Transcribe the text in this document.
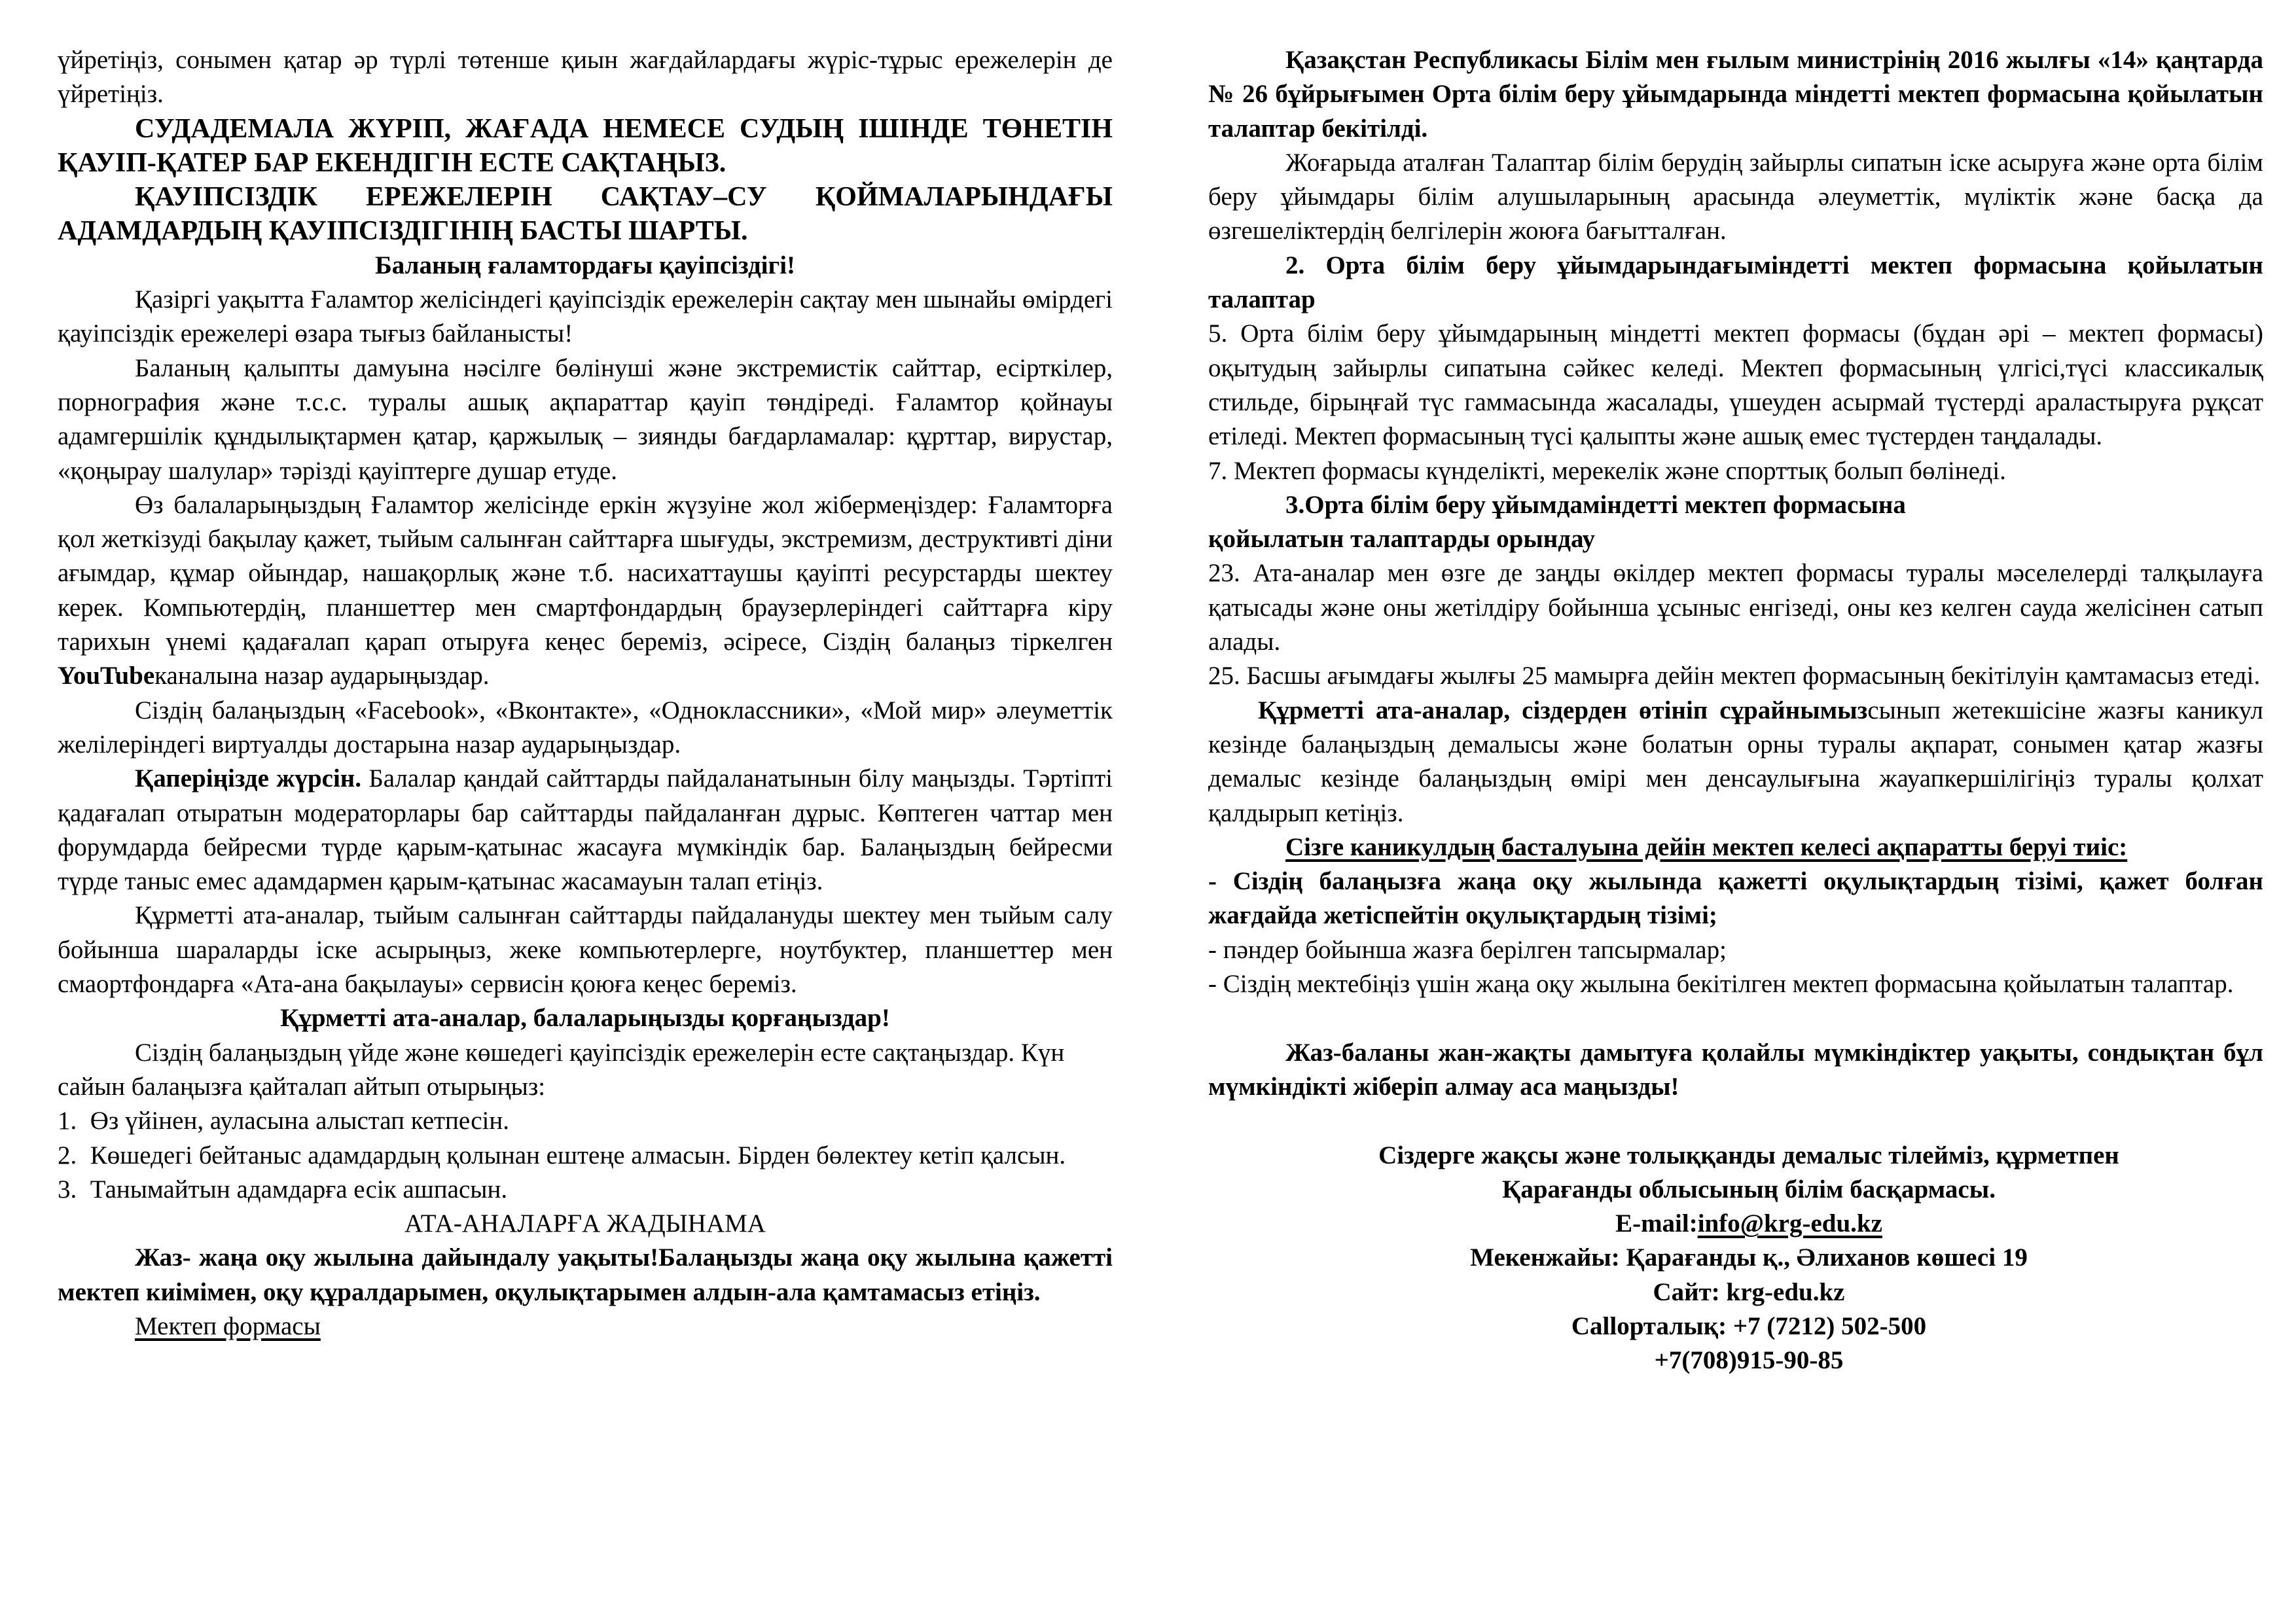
үйретіңіз, сонымен қатар әр түрлі төтенше қиын жағдайлардағы жүріс-тұрыс ережелерін де үйретіңіз.

СУДАДЕМАЛА ЖҮРІП, ЖАҒАДА НЕМЕСЕ СУДЫҢ ІШІНДЕ ТӨНЕТІН ҚАУІП-ҚАТЕР БАР ЕКЕНДІГІН ЕСТЕ САҚТАҢЫЗ.

ҚАУІПСІЗДІК ЕРЕЖЕЛЕРІН САҚТАУ–СУ ҚОЙМАЛАРЫНДАҒЫ АДАМДАРДЫҢ ҚАУІПСІЗДІГІНІҢ БАСТЫ ШАРТЫ.

Баланың ғаламтордағы қауіпсіздігі!

Қазіргі уақытта Ғаламтор желісіндегі қауіпсіздік ережелерін сақтау мен шынайы өмірдегі қауіпсіздік ережелері өзара тығыз байланысты!

Баланың қалыпты дамуына нәсілге бөлінуші және экстремистік сайттар, есірткілер, порнография және т.с.с. туралы ашық ақпараттар қауіп төндіреді. Ғаламтор қойнауы адамгершілік құндылықтармен қатар, қаржылық – зиянды бағдарламалар: құрттар, вирустар, «қоңырау шалулар» тәрізді қауіптерге душар етуде.

Өз балаларыңыздың Ғаламтор желісінде еркін жүзуіне жол жібермеңіздер: Ғаламторға қол жеткізуді бақылау қажет, тыйым салынған сайттарға шығуды, экстремизм, деструктивті діни ағымдар, құмар ойындар, нашақорлық және т.б. насихаттаушы қауіпті ресурстарды шектеу керек. Компьютердің, планшеттер мен смартфондардың браузерлеріндегі сайттарға кіру тарихын үнемі қадағалап қарап отыруға кеңес береміз, әсіресе, Сіздің балаңыз тіркелген YouTubeканалына назар аударыңыздар.

Сіздің балаңыздың «Facebook», «Вконтакте», «Одноклассники», «Мой мир» әлеуметтік желілеріндегі виртуалды достарына назар аударыңыздар.

Қаперіңізде жүрсін. Балалар қандай сайттарды пайдаланатынын білу маңызды. Тәртіпті қадағалап отыратын модераторлары бар сайттарды пайдаланған дұрыс. Көптеген чаттар мен форумдарда бейресми түрде қарым-қатынас жасауға мүмкіндік бар. Балаңыздың бейресми түрде таныс емес адамдармен қарым-қатынас жасамауын талап етіңіз.

Құрметті ата-аналар, тыйым салынған сайттарды пайдалануды шектеу мен тыйым салу бойынша шараларды іске асырыңыз, жеке компьютерлерге, ноутбуктер, планшеттер мен смаортфондарға «Ата-ана бақылауы» сервисін қоюға кеңес береміз.

Құрметті ата-аналар, балаларыңызды қорғаңыздар!

Сіздің балаңыздың үйде және көшедегі қауіпсіздік ережелерін есте сақтаңыздар. Күн сайын балаңызға қайталап айтып отырыңыз:

1. Өз үйінен, ауласына алыстап кетпесін.

2. Көшедегі бейтаныс адамдардың қолынан ештеңе алмасын. Бірден бөлектеу кетіп қалсын.

3. Танымайтын адамдарға есік ашпасын.

АТА-АНАЛАРҒА ЖАДЫНАМА

Жаз- жаңа оқу жылына дайындалу уақыты!Балаңызды жаңа оқу жылына қажетті мектеп киімімен, оқу құралдарымен, оқулықтарымен алдын-ала қамтамасыз етіңіз.

Мектеп формасы

Қазақстан Республикасы Білім мен ғылым министрінің 2016 жылғы «14» қаңтарда № 26 бұйрығымен Орта білім беру ұйымдарында міндетті мектеп формасына қойылатын талаптар бекітілді.

Жоғарыда аталған Талаптар білім берудің зайырлы сипатын іске асыруға және орта білім беру ұйымдары білім алушыларының арасында әлеуметтік, мүліктік және басқа да өзгешеліктердің белгілерін жоюға бағытталған.

2. Орта білім беру ұйымдарындағыміндетті мектеп формасына қойылатын талаптар

5. Орта білім беру ұйымдарының міндетті мектеп формасы (бұдан әрі – мектеп формасы) оқытудың зайырлы сипатына сәйкес келеді. Мектеп формасының үлгісі,түсі классикалық стильде, бірыңғай түс гаммасында жасалады, үшеуден асырмай түстерді араластыруға рұқсат етіледі. Мектеп формасының түсі қалыпты және ашық емес түстерден таңдалады.

7. Мектеп формасы күнделікті, мерекелік және спорттық болып бөлінеді.

3.Орта білім беру ұйымдаміндетті мектеп формасына

қойылатын талаптарды орындау

23. Ата-аналар мен өзге де заңды өкілдер мектеп формасы туралы мәселелерді талқылауға қатысады және оны жетілдіру бойынша ұсыныс енгізеді, оны кез келген сауда желісінен сатып алады.

25. Басшы ағымдағы жылғы 25 мамырға дейін мектеп формасының бекітілуін қамтамасыз етеді.

Құрметті ата-аналар, сіздерден өтініп сұрайнымызсынып жетекшісіне жазғы каникул кезінде балаңыздың демалысы және болатын орны туралы ақпарат, сонымен қатар жазғы демалыс кезінде балаңыздың өмірі мен денсаулығына жауапкершілігіңіз туралы қолхат қалдырып кетіңіз.

Сізге каникулдың басталуына дейін мектеп келесі ақпаратты беруі тиіс:

- Сіздің балаңызға жаңа оқу жылында қажетті оқулықтардың тізімі, қажет болған жағдайда жетіспейтін оқулықтардың тізімі;

- пәндер бойынша жазға берілген тапсырмалар;

- Сіздің мектебіңіз үшін жаңа оқу жылына бекітілген мектеп формасына қойылатын талаптар.

Жаз-баланы жан-жақты дамытуға қолайлы мүмкіндіктер уақыты, сондықтан бұл мүмкіндікті жіберіп алмау аса маңызды!

Сіздерге жақсы және толыққанды демалыс тілейміз, құрметпен
Қарағанды облысының білім басқармасы.
E-mail:info@krg-edu.kz
Мекенжайы: Қарағанды қ., Әлиханов көшесі 19
Сайт: krg-edu.kz
Callорталық: +7 (7212) 502-500
+7(708)915-90-85
